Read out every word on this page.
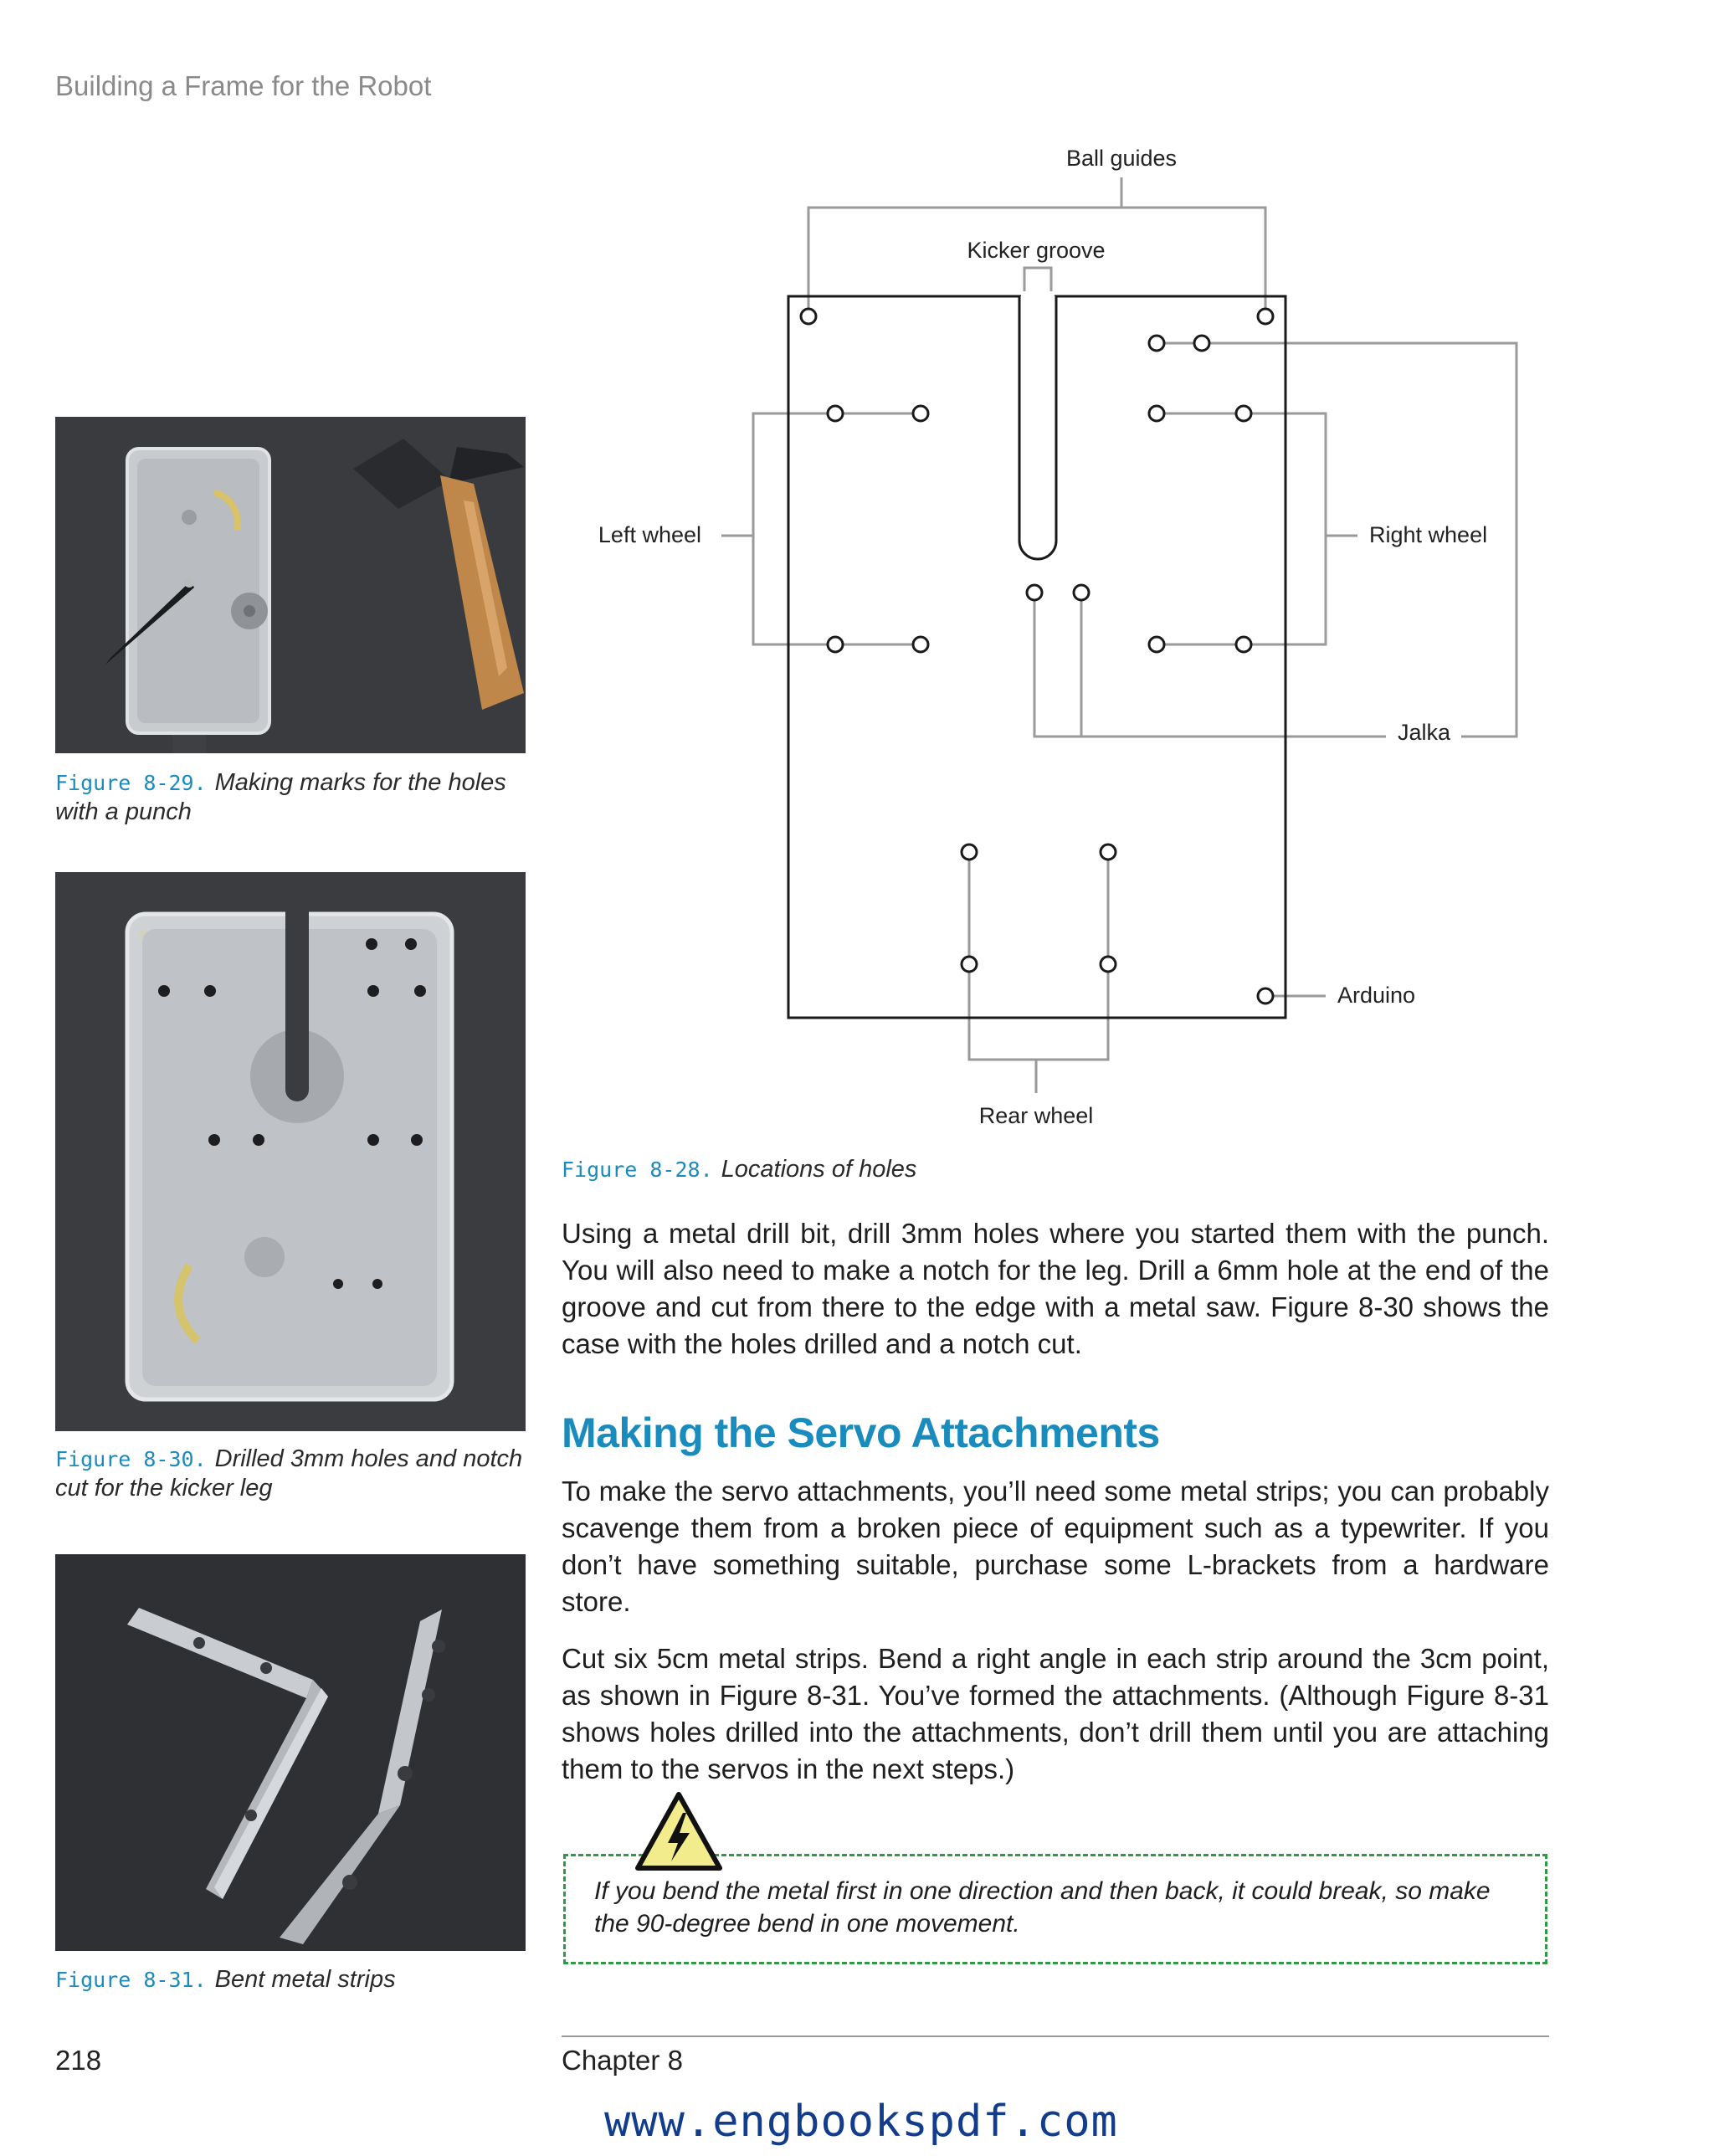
Building a Frame for the Robot
Figure 8-29. Making marks for the holes with a punch
Figure 8-30. Drilled 3mm holes and notch cut for the kicker leg
Figure 8-31. Bent metal strips
Ball guides
Kicker groove
Left wheel	Right wheel
Jalka
Arduino
Rear wheel
Figure 8-28. Locations of holes
Using a metal drill bit, drill 3mm holes where you started them with the punch. You will also need to make a notch for the leg. Drill a 6mm hole at the end of the groove and cut from there to the edge with a metal saw. Figure 8-30 shows the case with the holes drilled and a notch cut.
Making the Servo Attachments
To make the servo attachments, you’ll need some metal strips; you can probably scavenge them from a broken piece of equipment such as a typewriter. If you don’t have something suitable, purchase some L-brackets from a hardware store.
Cut six 5cm metal strips. Bend a right angle in each strip around the 3cm point, as shown in Figure 8-31. You’ve formed the attachments. (Although Figure 8-31 shows holes drilled into the attachments, don’t drill them until you are attaching them to the servos in the next steps.)
If you bend the metal first in one direction and then back, it could break, so make the 90-degree bend in one movement.
218	Chapter 8
www.engbookspdf.com
